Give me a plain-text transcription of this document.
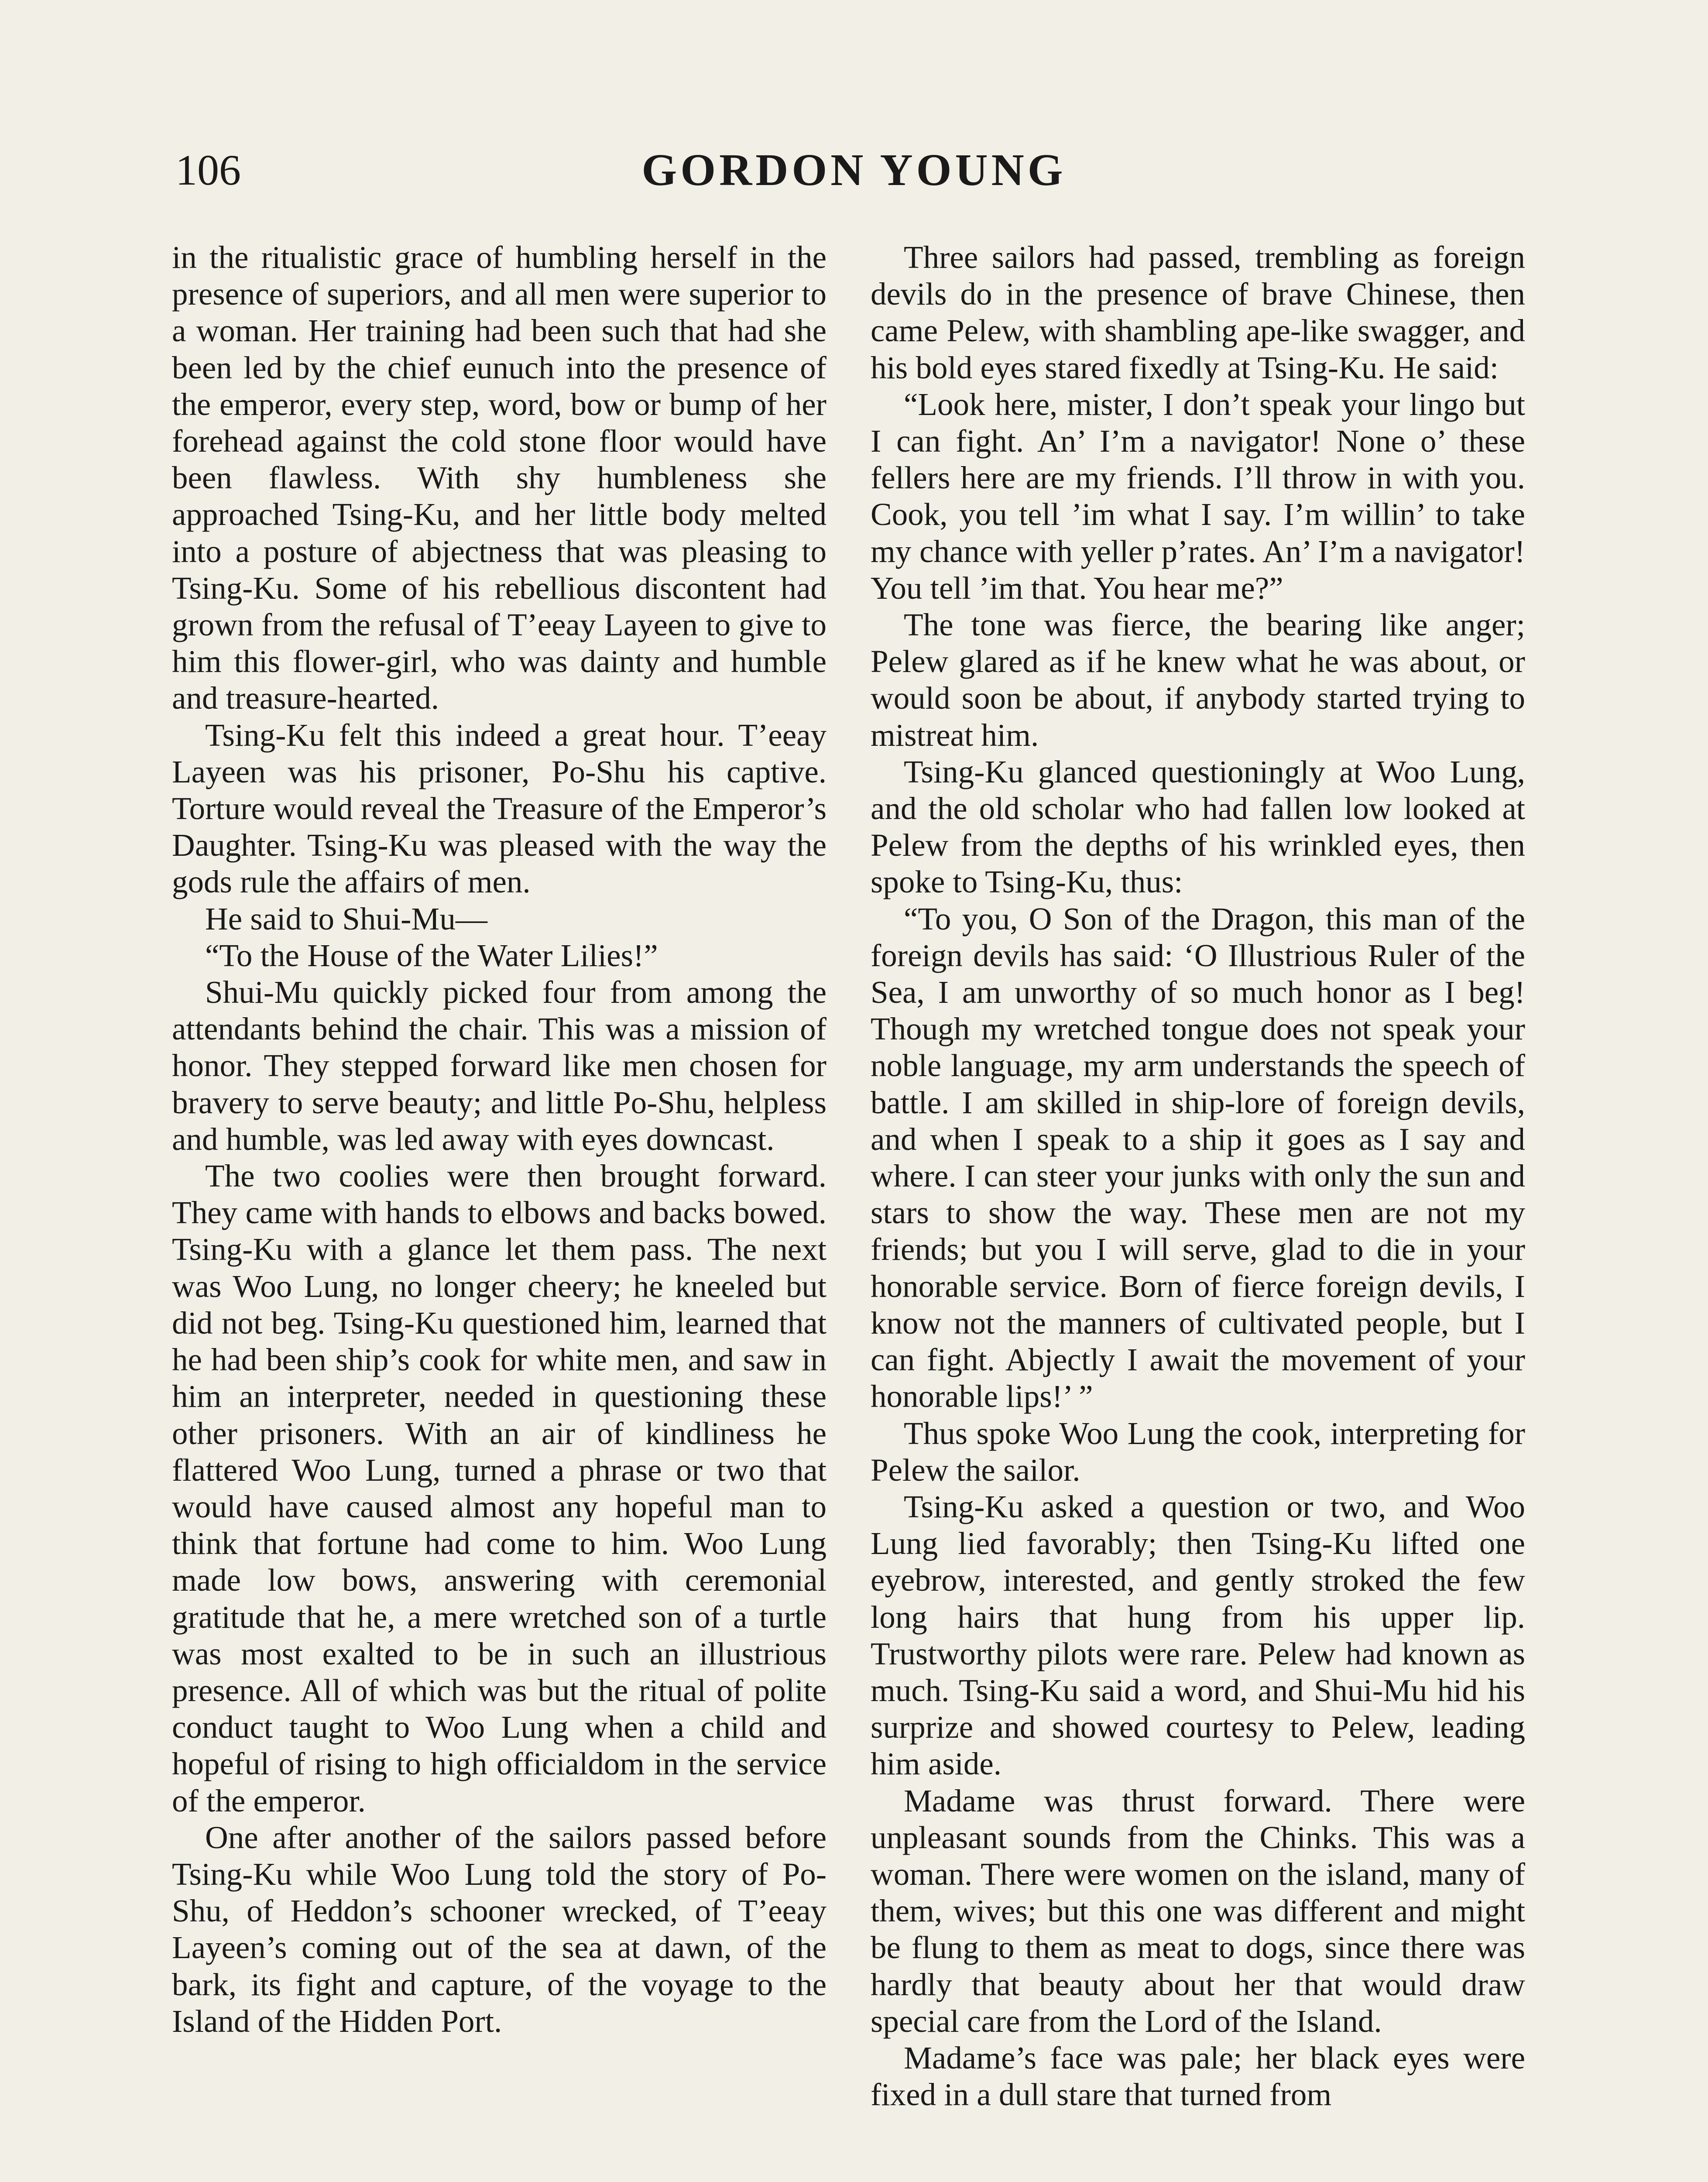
106	GORDON YOUNG

in the ritualistic grace of humbling herself in the presence of superiors, and all men were superior to a woman. Her training had been such that had she been led by the chief eunuch into the presence of the emperor, every step, word, bow or bump of her forehead against the cold stone floor would have been flawless. With shy humbleness she approached Tsing-Ku, and her little body melted into a posture of abjectness that was pleasing to Tsing-Ku. Some of his rebellious discontent had grown from the refusal of T’eeay Layeen to give to him this flower-girl, who was dainty and humble and treasure-hearted.

Tsing-Ku felt this indeed a great hour. T’eeay Layeen was his prisoner, Po-Shu his captive. Torture would reveal the Treasure of the Emperor’s Daughter. Tsing-Ku was pleased with the way the gods rule the affairs of men.

He said to Shui-Mu—

“To the House of the Water Lilies!”

Shui-Mu quickly picked four from among the attendants behind the chair. This was a mission of honor. They stepped forward like men chosen for bravery to serve beauty; and little Po-Shu, helpless and humble, was led away with eyes downcast.

The two coolies were then brought forward. They came with hands to elbows and backs bowed. Tsing-Ku with a glance let them pass. The next was Woo Lung, no longer cheery; he kneeled but did not beg. Tsing-Ku questioned him, learned that he had been ship’s cook for white men, and saw in him an interpreter, needed in questioning these other prisoners. With an air of kindliness he flattered Woo Lung, turned a phrase or two that would have caused almost any hopeful man to think that fortune had come to him. Woo Lung made low bows, answering with ceremonial gratitude that he, a mere wretched son of a turtle was most exalted to be in such an illustrious presence. All of which was but the ritual of polite conduct taught to Woo Lung when a child and hopeful of rising to high officialdom in the service of the emperor.

One after another of the sailors passed before Tsing-Ku while Woo Lung told the story of Po-Shu, of Heddon’s schooner wrecked, of T’eeay Layeen’s coming out of the sea at dawn, of the bark, its fight and capture, of the voyage to the Island of the Hidden Port.

Three sailors had passed, trembling as foreign devils do in the presence of brave Chinese, then came Pelew, with shambling ape-like swagger, and his bold eyes stared fixedly at Tsing-Ku. He said:

“Look here, mister, I don’t speak your lingo but I can fight. An’ I’m a navigator! None o’ these fellers here are my friends. I’ll throw in with you. Cook, you tell ’im what I say. I’m willin’ to take my chance with yeller p’rates. An’ I’m a navigator! You tell ’im that. You hear me?”

The tone was fierce, the bearing like anger; Pelew glared as if he knew what he was about, or would soon be about, if anybody started trying to mistreat him.

Tsing-Ku glanced questioningly at Woo Lung, and the old scholar who had fallen low looked at Pelew from the depths of his wrinkled eyes, then spoke to Tsing-Ku, thus:

“To you, O Son of the Dragon, this man of the foreign devils has said: ‘O Illustrious Ruler of the Sea, I am unworthy of so much honor as I beg! Though my wretched tongue does not speak your noble language, my arm understands the speech of battle. I am skilled in ship-lore of foreign devils, and when I speak to a ship it goes as I say and where. I can steer your junks with only the sun and stars to show the way. These men are not my friends; but you I will serve, glad to die in your honorable service. Born of fierce foreign devils, I know not the manners of cultivated people, but I can fight. Abjectly I await the movement of your honorable lips!’ ”

Thus spoke Woo Lung the cook, interpreting for Pelew the sailor.

Tsing-Ku asked a question or two, and Woo Lung lied favorably; then Tsing-Ku lifted one eyebrow, interested, and gently stroked the few long hairs that hung from his upper lip. Trustworthy pilots were rare. Pelew had known as much. Tsing-Ku said a word, and Shui-Mu hid his surprize and showed courtesy to Pelew, leading him aside.

Madame was thrust forward. There were unpleasant sounds from the Chinks. This was a woman. There were women on the island, many of them, wives; but this one was different and might be flung to them as meat to dogs, since there was hardly that beauty about her that would draw special care from the Lord of the Island.

Madame’s face was pale; her black eyes were fixed in a dull stare that turned from
